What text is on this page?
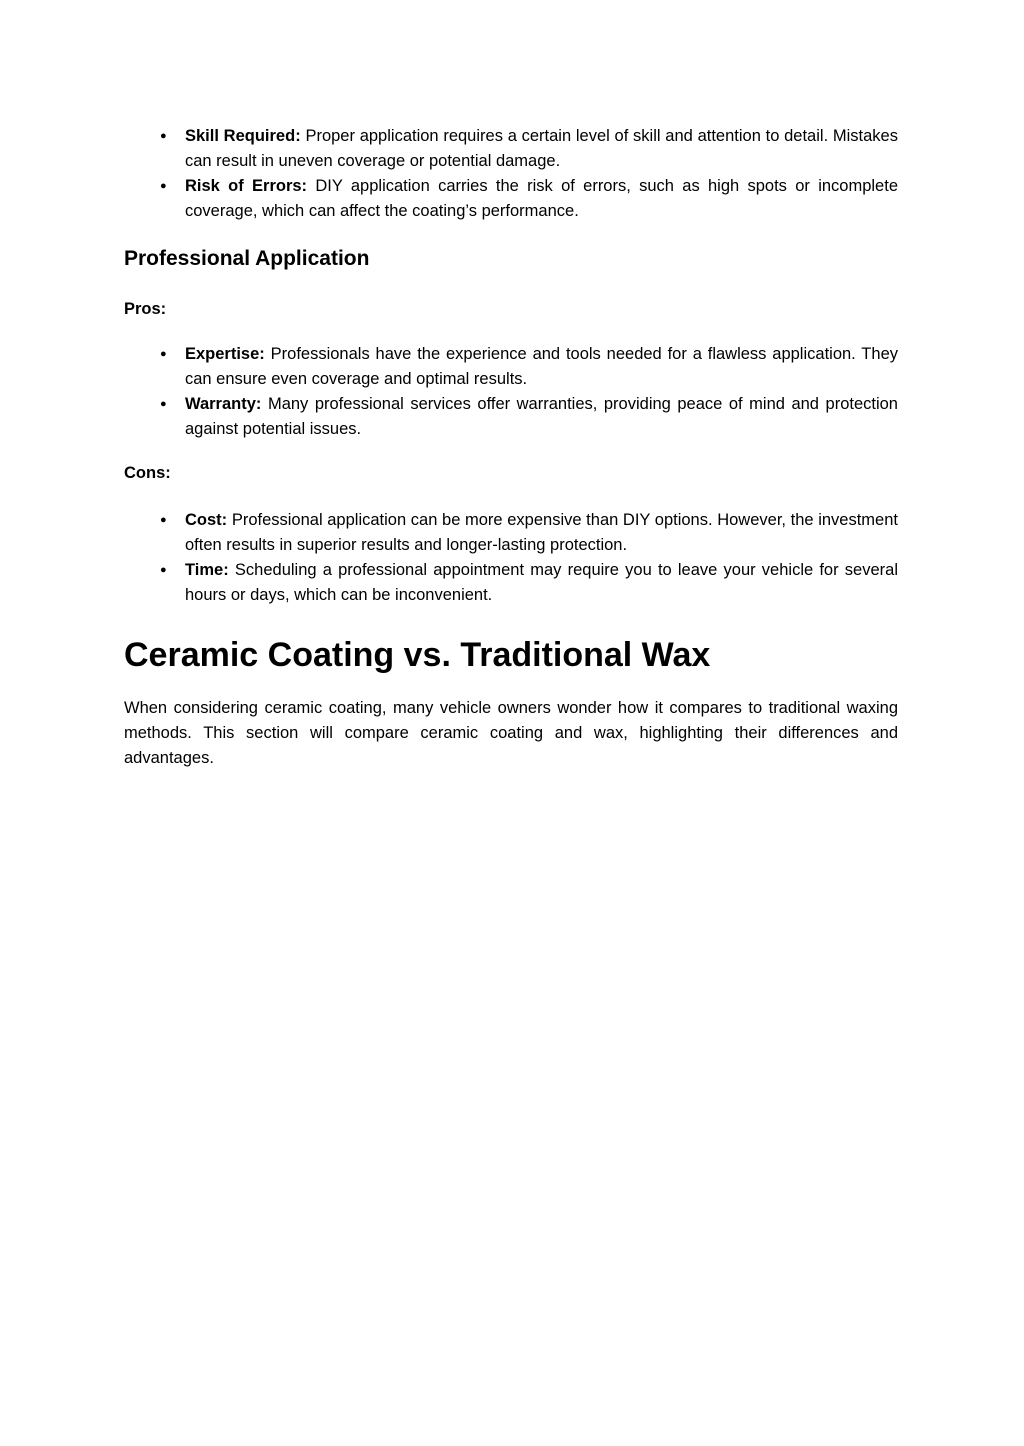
● Skill Required: Proper application requires a certain level of skill and attention to detail. Mistakes can result in uneven coverage or potential damage.
● Risk of Errors: DIY application carries the risk of errors, such as high spots or incomplete coverage, which can affect the coating’s performance.
Professional Application
Pros:
● Expertise: Professionals have the experience and tools needed for a flawless application. They can ensure even coverage and optimal results.
● Warranty: Many professional services offer warranties, providing peace of mind and protection against potential issues.
Cons:
● Cost: Professional application can be more expensive than DIY options. However, the investment often results in superior results and longer-lasting protection.
● Time: Scheduling a professional appointment may require you to leave your vehicle for several hours or days, which can be inconvenient.
Ceramic Coating vs. Traditional Wax

When considering ceramic coating, many vehicle owners wonder how it compares to traditional waxing methods. This section will compare ceramic coating and wax, highlighting their differences and advantages.
